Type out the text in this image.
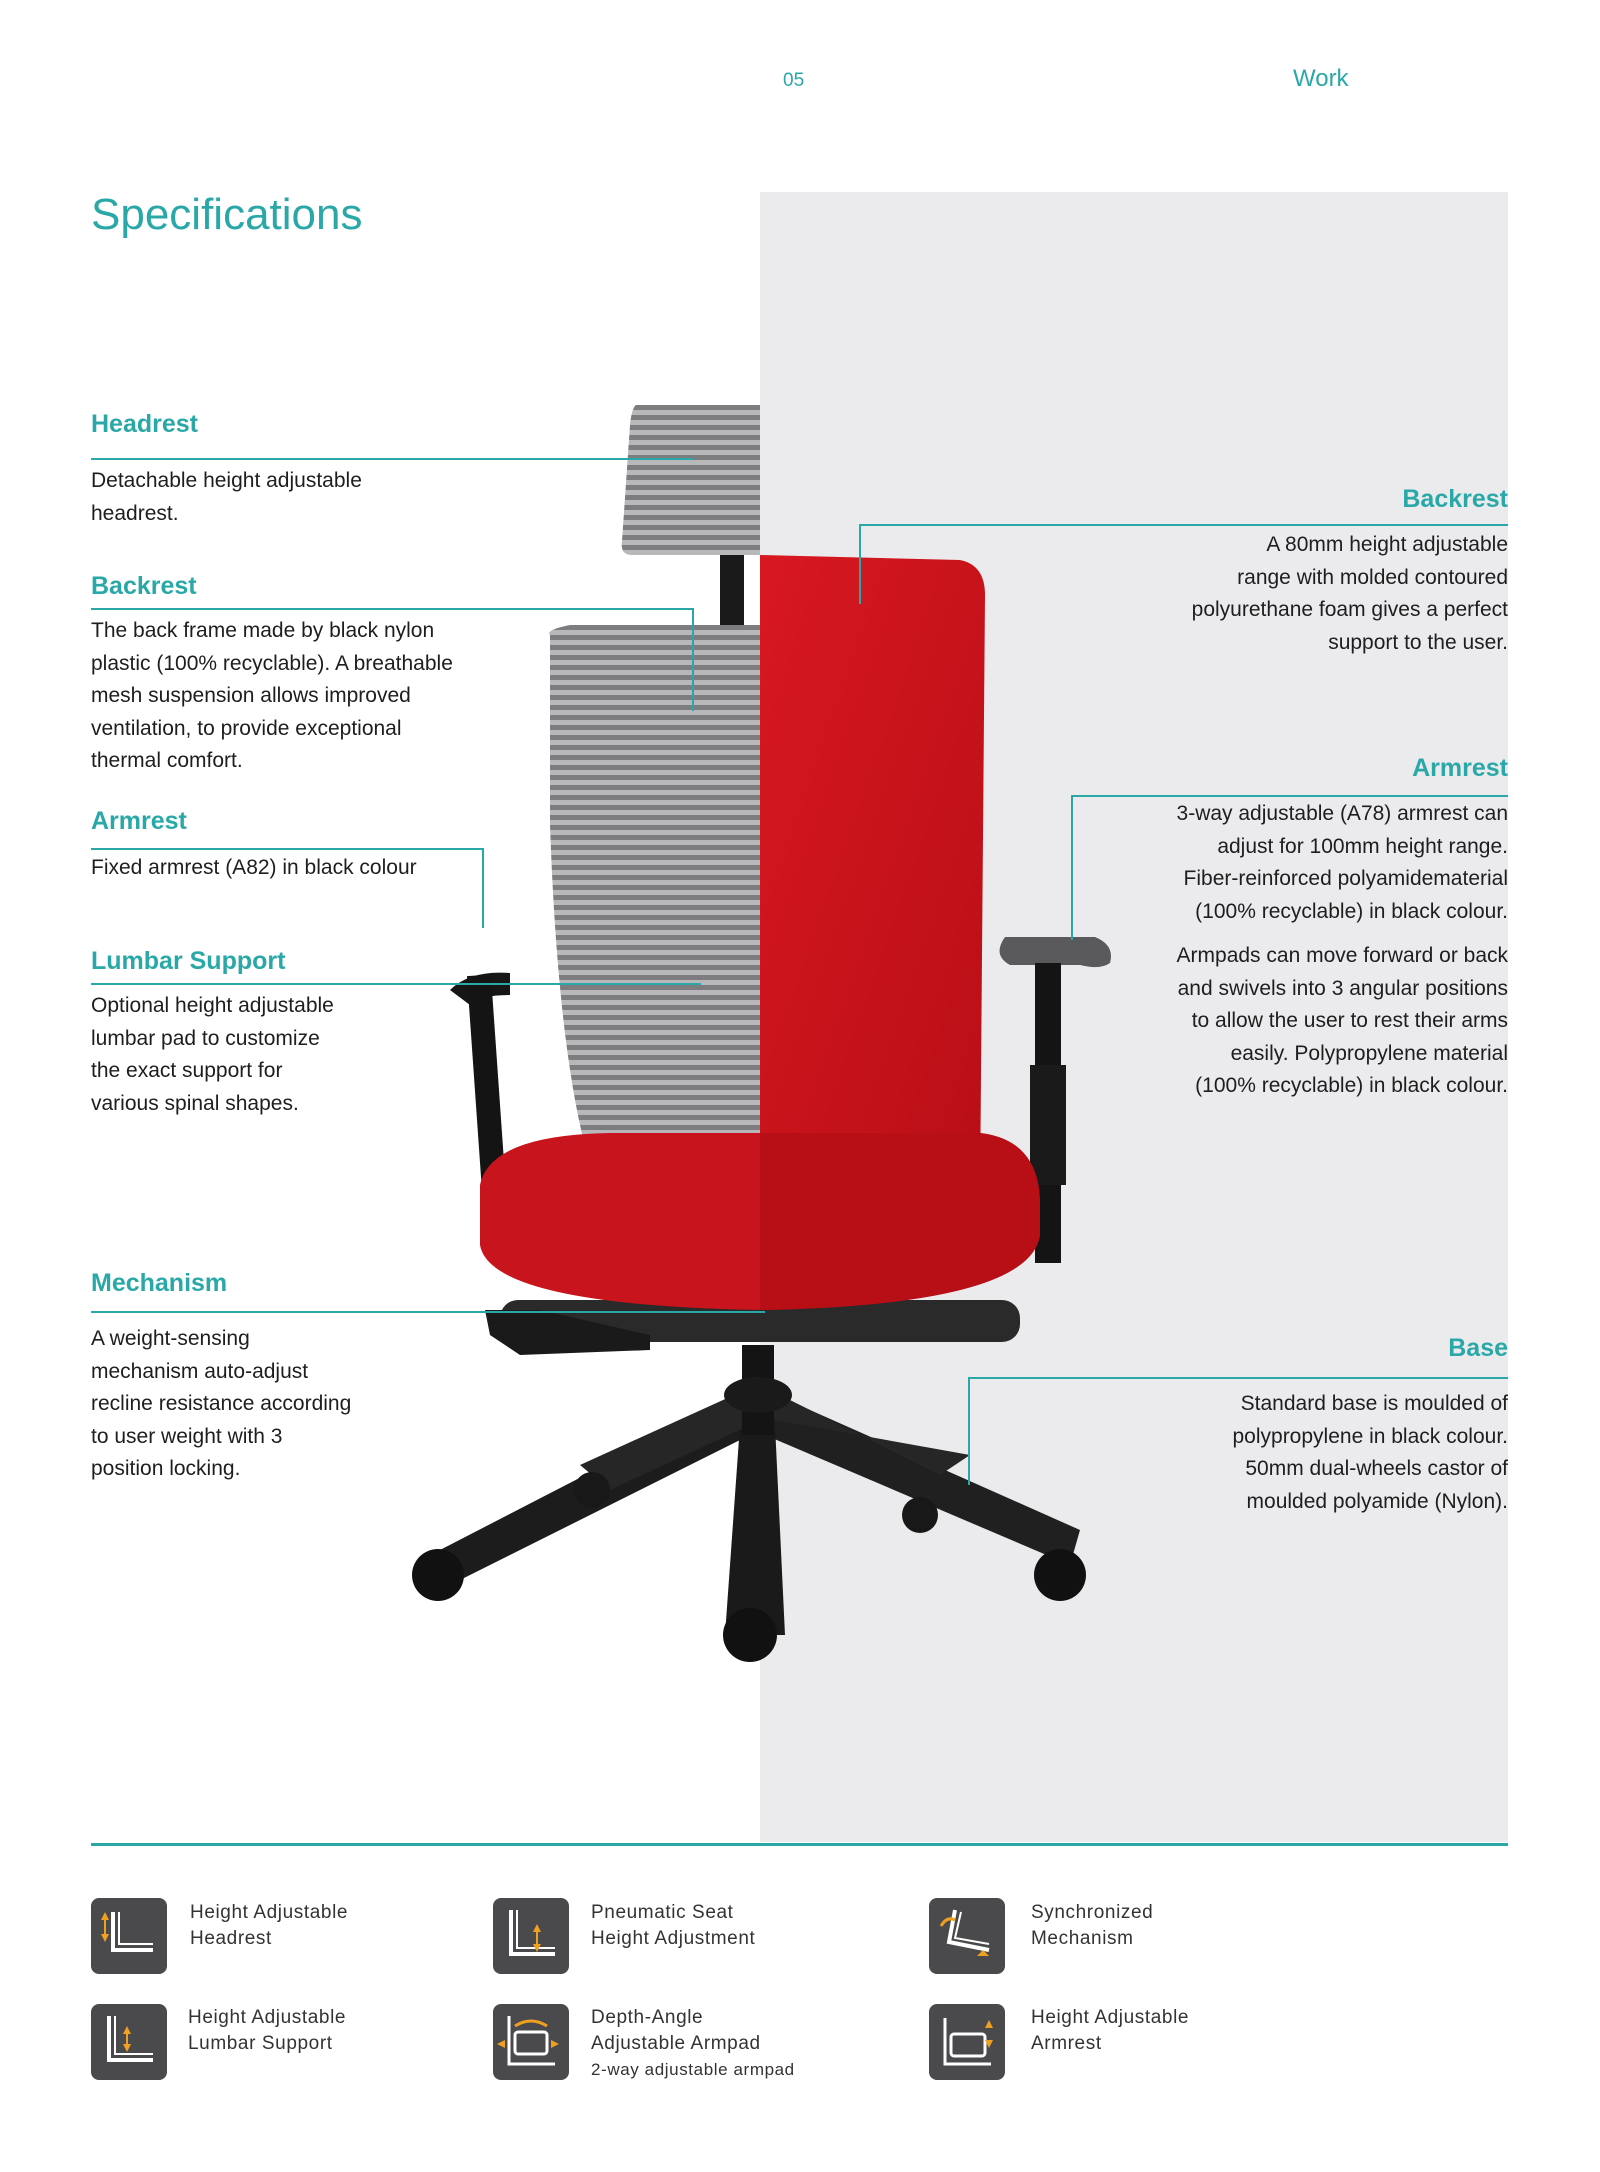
05	Work
Specifications
Headrest
Detachable height adjustable
headrest.
Backrest
The back frame made by black nylon
plastic (100% recyclable). A breathable
mesh suspension allows improved
ventilation, to provide exceptional
thermal comfort.
Armrest
Fixed armrest (A82) in black colour
Lumbar Support
Optional height adjustable
lumbar pad to customize
the exact support for
various spinal shapes.
Mechanism
A weight-sensing
mechanism auto-adjust
recline resistance according
to user weight with 3
position locking.
Backrest
A 80mm height adjustable
range with molded contoured
polyurethane foam gives a perfect
support to the user.
Armrest
3-way adjustable (A78) armrest can
adjust for 100mm height range.
Fiber-reinforced polyamidematerial
(100% recyclable) in black colour.
Armpads can move forward or back
and swivels into 3 angular positions
to allow the user to rest their arms
easily. Polypropylene material
(100% recyclable) in black colour.
Base
Standard base is moulded of
polypropylene in black colour.
50mm dual-wheels castor of
moulded polyamide (Nylon).
Height Adjustable
Headrest
Pneumatic Seat
Height Adjustment
Synchronized
Mechanism
Height Adjustable
Lumbar Support
Depth-Angle
Adjustable Armpad
2-way adjustable armpad
Height Adjustable
Armrest
